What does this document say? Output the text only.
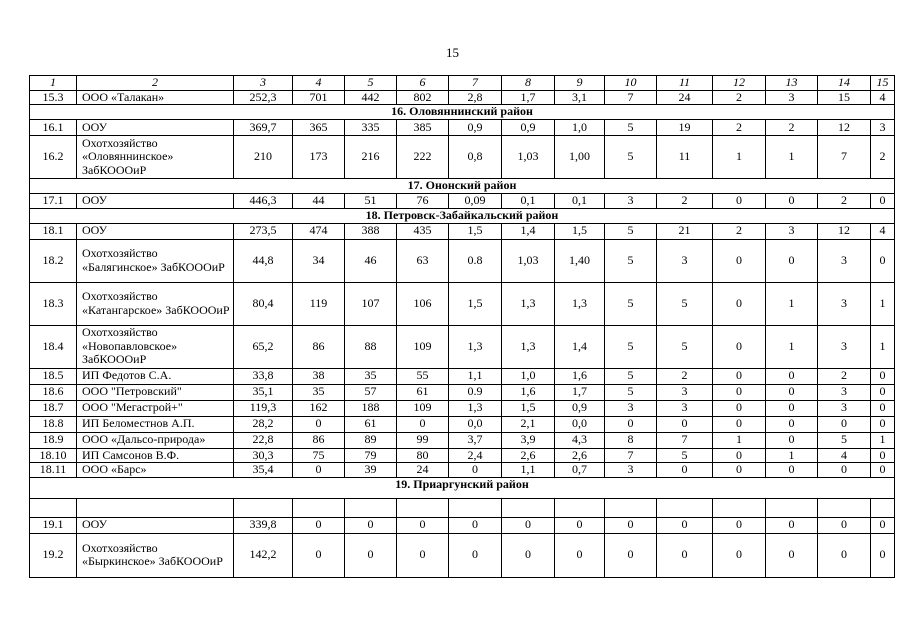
15
1	2	3	4	5	6	7	8	9	10	11	12	13	14	15
15.3	ООО «Талакан»	252,3	701	442	802	2,8	1,7	3,1	7	24	2	3	15	4
16. Оловяннинский район														
16.1	ООУ	369,7	365	335	385	0,9	0,9	1,0	5	19	2	2	12	3
16.2	Охотхозяйство «Оловяннинское» ЗабКОООиР	210	173	216	222	0,8	1,03	1,00	5	11	1	1	7	2
17. Ононский район														
17.1	ООУ	446,3	44	51	76	0,09	0,1	0,1	3	2	0	0	2	0
18. Петровск-Забайкальский район														
18.1	ООУ	273,5	474	388	435	1,5	1,4	1,5	5	21	2	3	12	4
18.2	Охотхозяйство «Балягинское» ЗабКОООиР	44,8	34	46	63	0.8	1,03	1,40	5	3	0	0	3	0
18.3	Охотхозяйство «Катангарское» ЗабКОООиР	80,4	119	107	106	1,5	1,3	1,3	5	5	0	1	3	1
18.4	Охотхозяйство «Новопавловское» ЗабКОООиР	65,2	86	88	109	1,3	1,3	1,4	5	5	0	1	3	1
18.5	ИП Федотов С.А.	33,8	38	35	55	1,1	1,0	1,6	5	2	0	0	2	0
18.6	ООО "Петровский"	35,1	35	57	61	0.9	1,6	1,7	5	3	0	0	3	0
18.7	ООО "Мегастрой+"	119,3	162	188	109	1,3	1,5	0,9	3	3	0	0	3	0
18.8	ИП Беломестнов А.П.	28,2	0	61	0	0,0	2,1	0,0	0	0	0	0	0	0
18.9	ООО «Дальсо-природа»	22,8	86	89	99	3,7	3,9	4,3	8	7	1	0	5	1
18.10	ИП Самсонов В.Ф.	30,3	75	79	80	2,4	2,6	2,6	7	5	0	1	4	0
18.11	ООО «Барс»	35,4	0	39	24	0	1,1	0,7	3	0	0	0	0	0
19. Приаргунский район														

19.1	ООУ	339,8	0	0	0	0	0	0	0	0	0	0	0	0
19.2	Охотхозяйство «Быркинское» ЗабКОООиР	142,2	0	0	0	0	0	0	0	0	0	0	0	0
